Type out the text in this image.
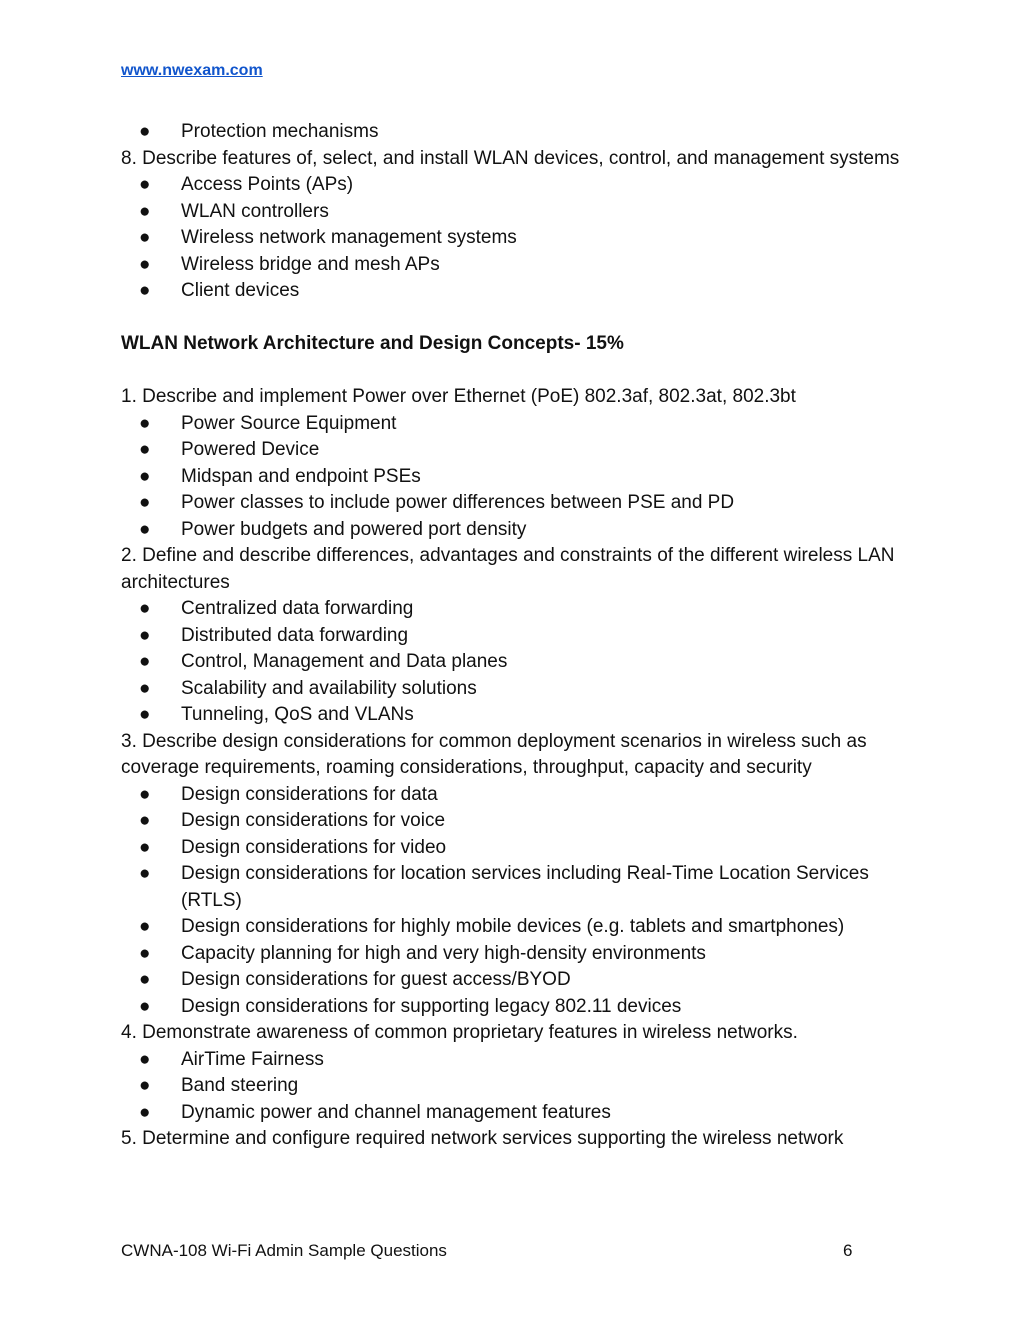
www.nwexam.com
● Protection mechanisms
8. Describe features of, select, and install WLAN devices, control, and management systems
● Access Points (APs)
● WLAN controllers
● Wireless network management systems
● Wireless bridge and mesh APs
● Client devices
WLAN Network Architecture and Design Concepts- 15%
1. Describe and implement Power over Ethernet (PoE) 802.3af, 802.3at, 802.3bt
● Power Source Equipment
● Powered Device
● Midspan and endpoint PSEs
● Power classes to include power differences between PSE and PD
● Power budgets and powered port density
2. Define and describe differences, advantages and constraints of the different wireless LAN architectures
● Centralized data forwarding
● Distributed data forwarding
● Control, Management and Data planes
● Scalability and availability solutions
● Tunneling, QoS and VLANs
3. Describe design considerations for common deployment scenarios in wireless such as coverage requirements, roaming considerations, throughput, capacity and security
● Design considerations for data
● Design considerations for voice
● Design considerations for video
● Design considerations for location services including Real-Time Location Services (RTLS)
● Design considerations for highly mobile devices (e.g. tablets and smartphones)
● Capacity planning for high and very high-density environments
● Design considerations for guest access/BYOD
● Design considerations for supporting legacy 802.11 devices
4. Demonstrate awareness of common proprietary features in wireless networks.
● AirTime Fairness
● Band steering
● Dynamic power and channel management features
5. Determine and configure required network services supporting the wireless network
CWNA-108 Wi-Fi Admin Sample Questions	6
